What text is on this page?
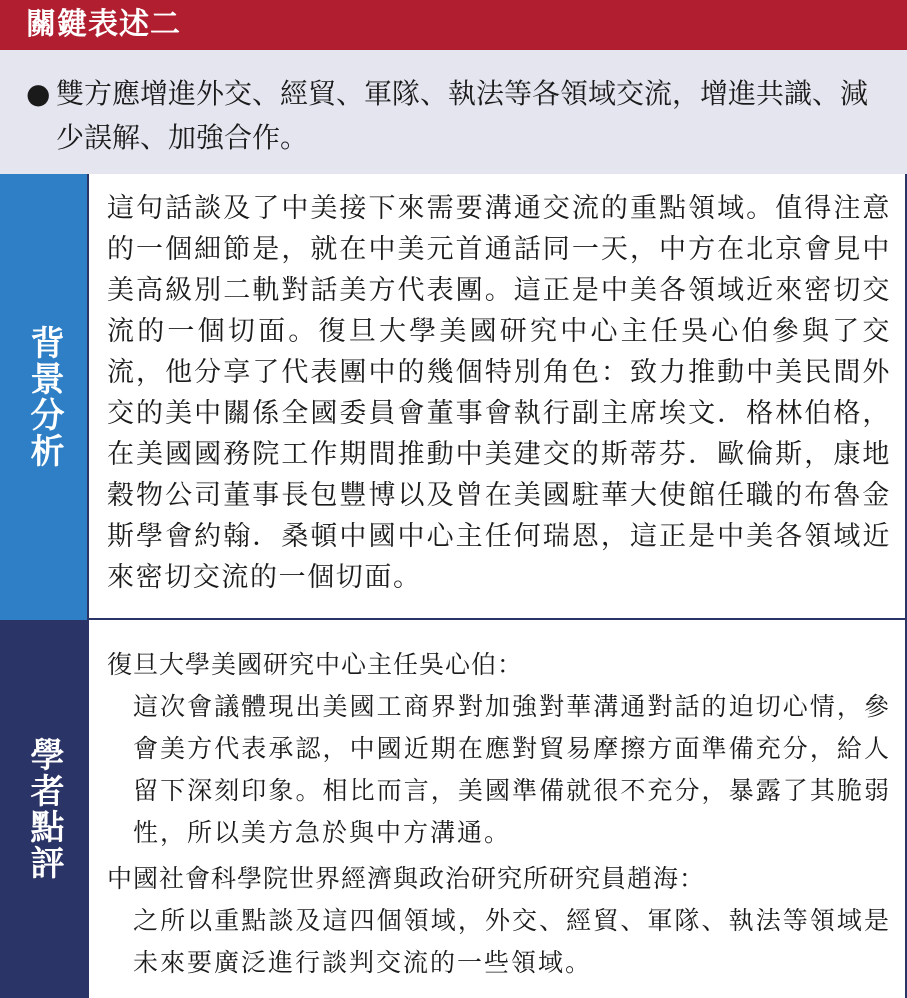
關鍵表述二
● 雙方應增進外交、經貿、軍隊、執法等各領域交流，增進共識、減少誤解、加強合作。
背景分析

這句話談及了中美接下來需要溝通交流的重點領域。值得注意的一個細節是，就在中美元首通話同一天，中方在北京會見中美高級別二軌對話美方代表團。這正是中美各領域近來密切交流的一個切面。復旦大學美國研究中心主任吳心伯參與了交流，他分享了代表團中的幾個特別角色：致力推動中美民間外交的美中關係全國委員會董事會執行副主席埃文．格林伯格，在美國國務院工作期間推動中美建交的斯蒂芬．歐倫斯，康地穀物公司董事長包豐博以及曾在美國駐華大使館任職的布魯金斯學會約翰．桑頓中國中心主任何瑞恩，這正是中美各領域近來密切交流的一個切面。

學者點評

復旦大學美國研究中心主任吳心伯：

這次會議體現出美國工商界對加強對華溝通對話的迫切心情，參會美方代表承認，中國近期在應對貿易摩擦方面準備充分，給人留下深刻印象。相比而言，美國準備就很不充分，暴露了其脆弱性，所以美方急於與中方溝通。

中國社會科學院世界經濟與政治研究所研究員趙海：

之所以重點談及這四個領域，外交、經貿、軍隊、執法等領域是未來要廣泛進行談判交流的一些領域。
